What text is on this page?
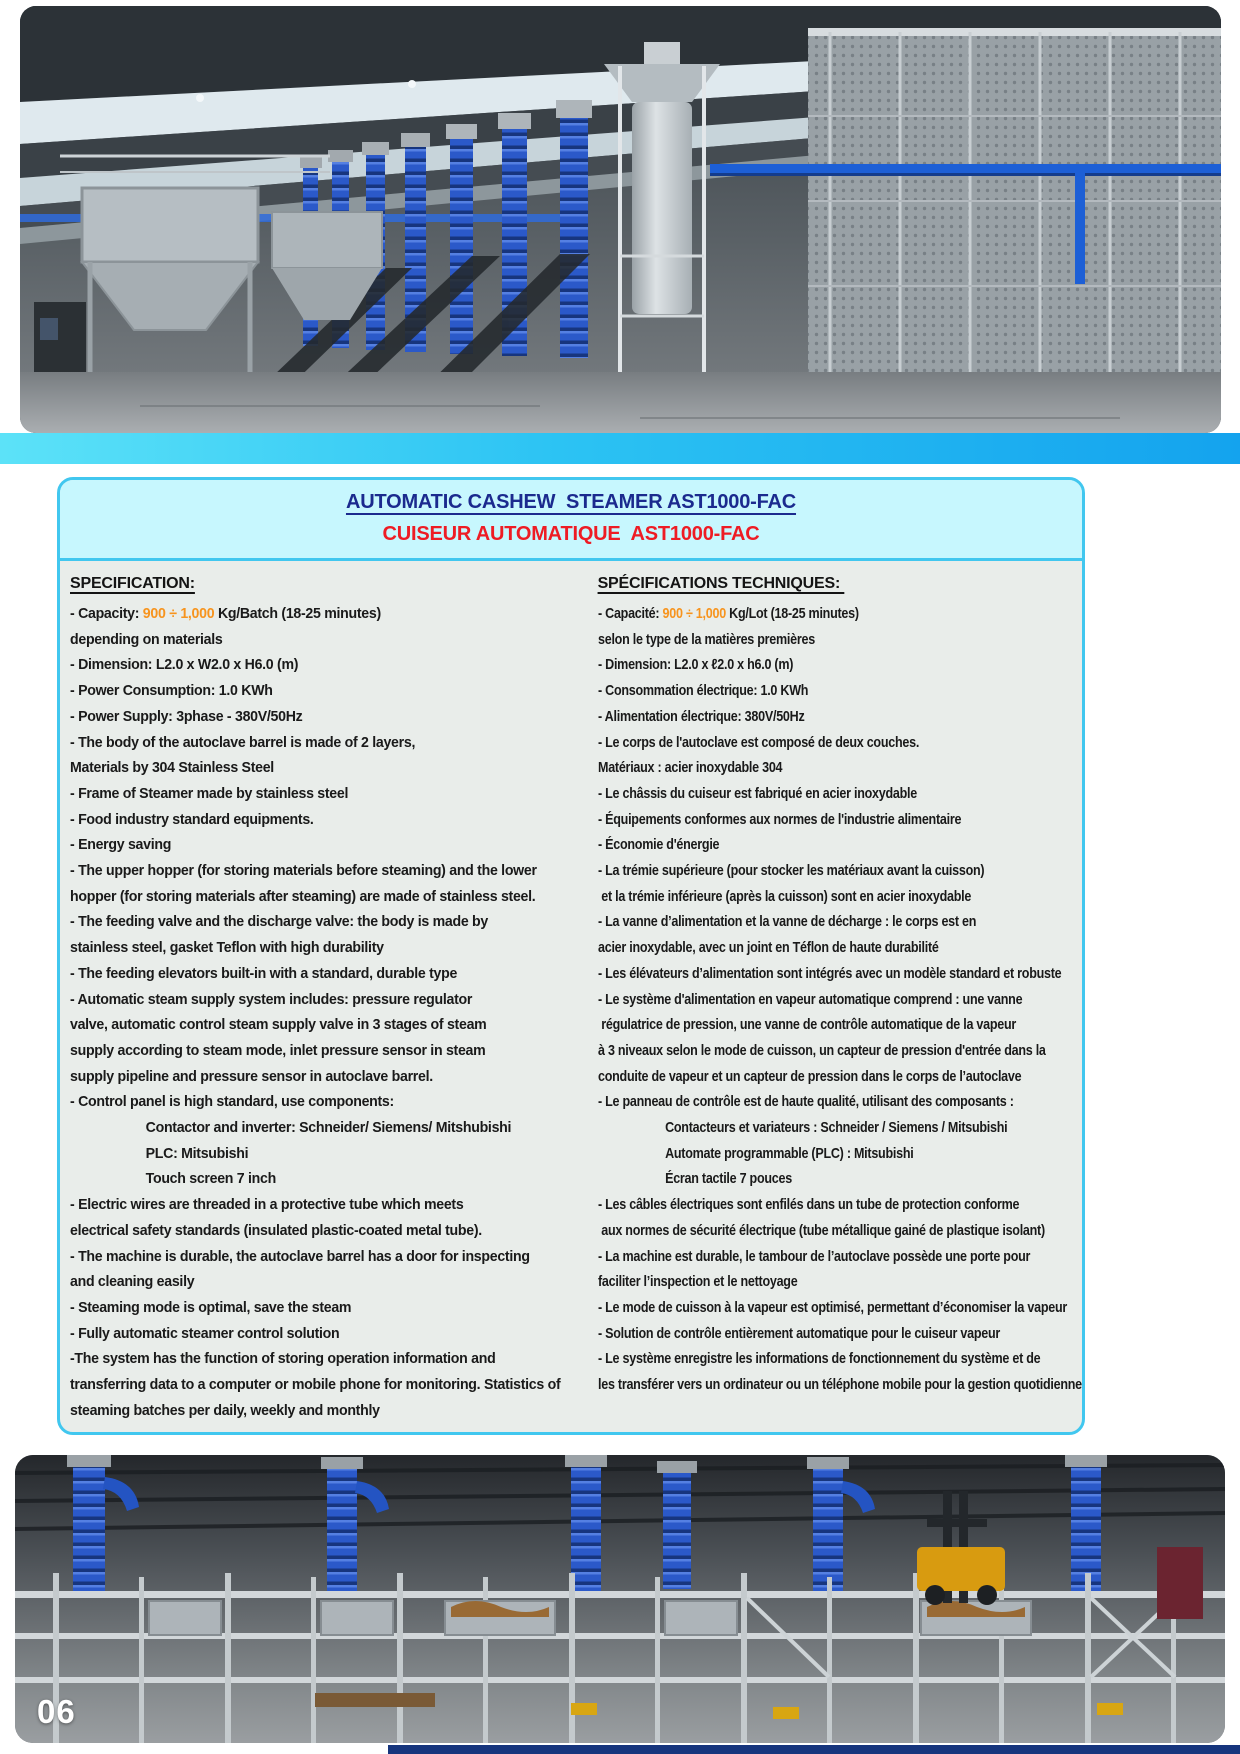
AUTOMATIC CASHEW  STEAMER AST1000-FAC
CUISEUR AUTOMATIQUE  AST1000-FAC
SPECIFICATION:
- Capacity: 900 ÷ 1,000 Kg/Batch (18-25 minutes)
depending on materials
- Dimension: L2.0 x W2.0 x H6.0 (m)
- Power Consumption: 1.0 KWh
- Power Supply: 3phase - 380V/50Hz
- The body of the autoclave barrel is made of 2 layers,
Materials by 304 Stainless Steel
- Frame of Steamer made by stainless steel
- Food industry standard equipments.
- Energy saving
- The upper hopper (for storing materials before steaming) and the lower
hopper (for storing materials after steaming) are made of stainless steel.
- The feeding valve and the discharge valve: the body is made by
stainless steel, gasket Teflon with high durability
- The feeding elevators built-in with a standard, durable type
- Automatic steam supply system includes: pressure regulator
valve, automatic control steam supply valve in 3 stages of steam
supply according to steam mode, inlet pressure sensor in steam
supply pipeline and pressure sensor in autoclave barrel.
- Control panel is high standard, use components:
Contactor and inverter: Schneider/ Siemens/ Mitshubishi
PLC: Mitsubishi
Touch screen 7 inch
- Electric wires are threaded in a protective tube which meets
electrical safety standards (insulated plastic-coated metal tube).
- The machine is durable, the autoclave barrel has a door for inspecting
and cleaning easily
- Steaming mode is optimal, save the steam
- Fully automatic steamer control solution
-The system has the function of storing operation information and
transferring data to a computer or mobile phone for monitoring. Statistics of
steaming batches per daily, weekly and monthly
SPÉCIFICATIONS TECHNIQUES:
- Capacité: 900 ÷ 1,000 Kg/Lot (18-25 minutes)
selon le type de la matières premières
- Dimension: L2.0 x ℓ2.0 x h6.0 (m)
- Consommation électrique: 1.0 KWh
- Alimentation électrique: 380V/50Hz
- Le corps de l'autoclave est composé de deux couches.
Matériaux : acier inoxydable 304
- Le châssis du cuiseur est fabriqué en acier inoxydable
- Équipements conformes aux normes de l'industrie alimentaire
- Économie d'énergie
- La trémie supérieure (pour stocker les matériaux avant la cuisson)
et la trémie inférieure (après la cuisson) sont en acier inoxydable
- La vanne d’alimentation et la vanne de décharge : le corps est en
acier inoxydable, avec un joint en Téflon de haute durabilité
- Les élévateurs d’alimentation sont intégrés avec un modèle standard et robuste
- Le système d'alimentation en vapeur automatique comprend : une vanne
régulatrice de pression, une vanne de contrôle automatique de la vapeur
à 3 niveaux selon le mode de cuisson, un capteur de pression d'entrée dans la
conduite de vapeur et un capteur de pression dans le corps de l’autoclave
- Le panneau de contrôle est de haute qualité, utilisant des composants :
Contacteurs et variateurs : Schneider / Siemens / Mitsubishi
Automate programmable (PLC) : Mitsubishi
Écran tactile 7 pouces
- Les câbles électriques sont enfilés dans un tube de protection conforme
aux normes de sécurité électrique (tube métallique gainé de plastique isolant)
- La machine est durable, le tambour de l’autoclave possède une porte pour
faciliter l’inspection et le nettoyage
- Le mode de cuisson à la vapeur est optimisé, permettant d’économiser la vapeur
- Solution de contrôle entièrement automatique pour le cuiseur vapeur
- Le système enregistre les informations de fonctionnement du système et de
les transférer vers un ordinateur ou un téléphone mobile pour la gestion quotidienne
06
